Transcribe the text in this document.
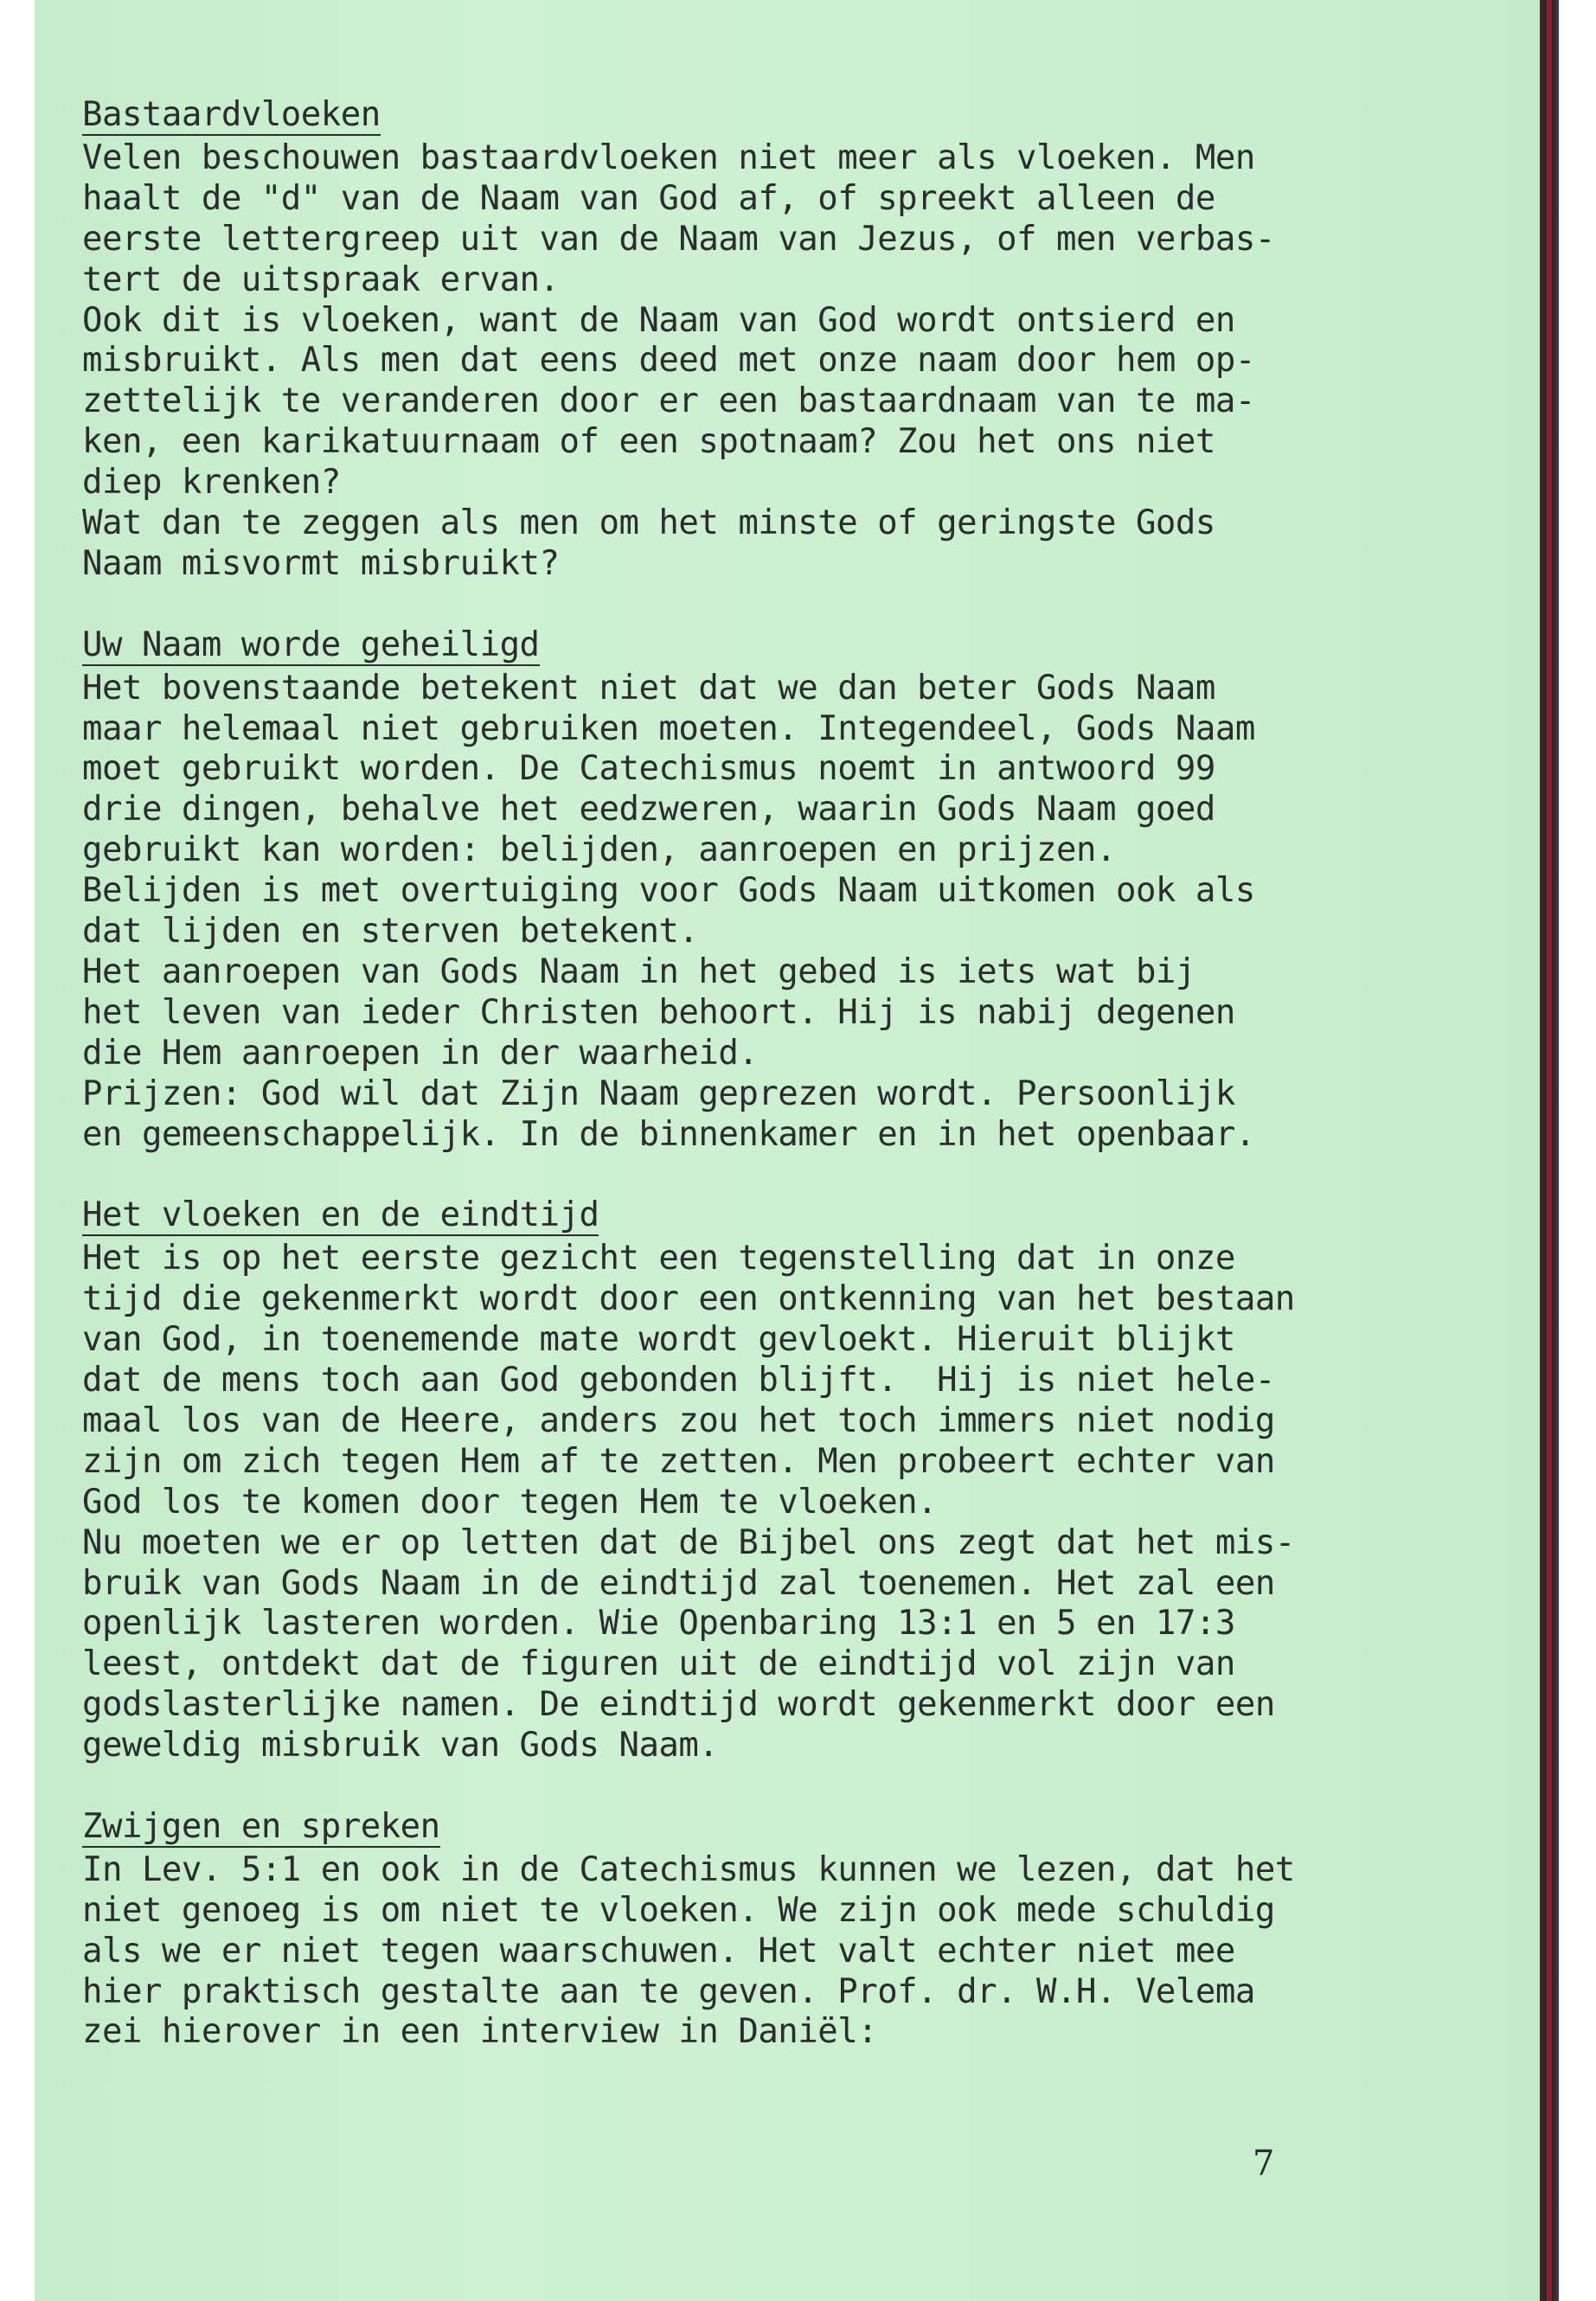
Bastaardvloeken
Velen beschouwen bastaardvloeken niet meer als vloeken. Men
haalt de "d" van de Naam van God af, of spreekt alleen de
eerste lettergreep uit van de Naam van Jezus, of men verbas-
tert de uitspraak ervan.
Ook dit is vloeken, want de Naam van God wordt ontsierd en
misbruikt. Als men dat eens deed met onze naam door hem op-
zettelijk te veranderen door er een bastaardnaam van te ma-
ken, een karikatuurnaam of een spotnaam? Zou het ons niet
diep krenken?
Wat dan te zeggen als men om het minste of geringste Gods
Naam misvormt misbruikt?
Uw Naam worde geheiligd
Het bovenstaande betekent niet dat we dan beter Gods Naam
maar helemaal niet gebruiken moeten. Integendeel, Gods Naam
moet gebruikt worden. De Catechismus noemt in antwoord 99
drie dingen, behalve het eedzweren, waarin Gods Naam goed
gebruikt kan worden: belijden, aanroepen en prijzen.
Belijden is met overtuiging voor Gods Naam uitkomen ook als
dat lijden en sterven betekent.
Het aanroepen van Gods Naam in het gebed is iets wat bij
het leven van ieder Christen behoort. Hij is nabij degenen
die Hem aanroepen in der waarheid.
Prijzen: God wil dat Zijn Naam geprezen wordt. Persoonlijk
en gemeenschappelijk. In de binnenkamer en in het openbaar.
Het vloeken en de eindtijd
Het is op het eerste gezicht een tegenstelling dat in onze
tijd die gekenmerkt wordt door een ontkenning van het bestaan
van God, in toenemende mate wordt gevloekt. Hieruit blijkt
dat de mens toch aan God gebonden blijft.  Hij is niet hele-
maal los van de Heere, anders zou het toch immers niet nodig
zijn om zich tegen Hem af te zetten. Men probeert echter van
God los te komen door tegen Hem te vloeken.
Nu moeten we er op letten dat de Bijbel ons zegt dat het mis-
bruik van Gods Naam in de eindtijd zal toenemen. Het zal een
openlijk lasteren worden. Wie Openbaring 13:1 en 5 en 17:3
leest, ontdekt dat de figuren uit de eindtijd vol zijn van
godslasterlijke namen. De eindtijd wordt gekenmerkt door een
geweldig misbruik van Gods Naam.
Zwijgen en spreken
In Lev. 5:1 en ook in de Catechismus kunnen we lezen, dat het
niet genoeg is om niet te vloeken. We zijn ook mede schuldig
als we er niet tegen waarschuwen. Het valt echter niet mee
hier praktisch gestalte aan te geven. Prof. dr. W.H. Velema
zei hierover in een interview in Daniël:
7
